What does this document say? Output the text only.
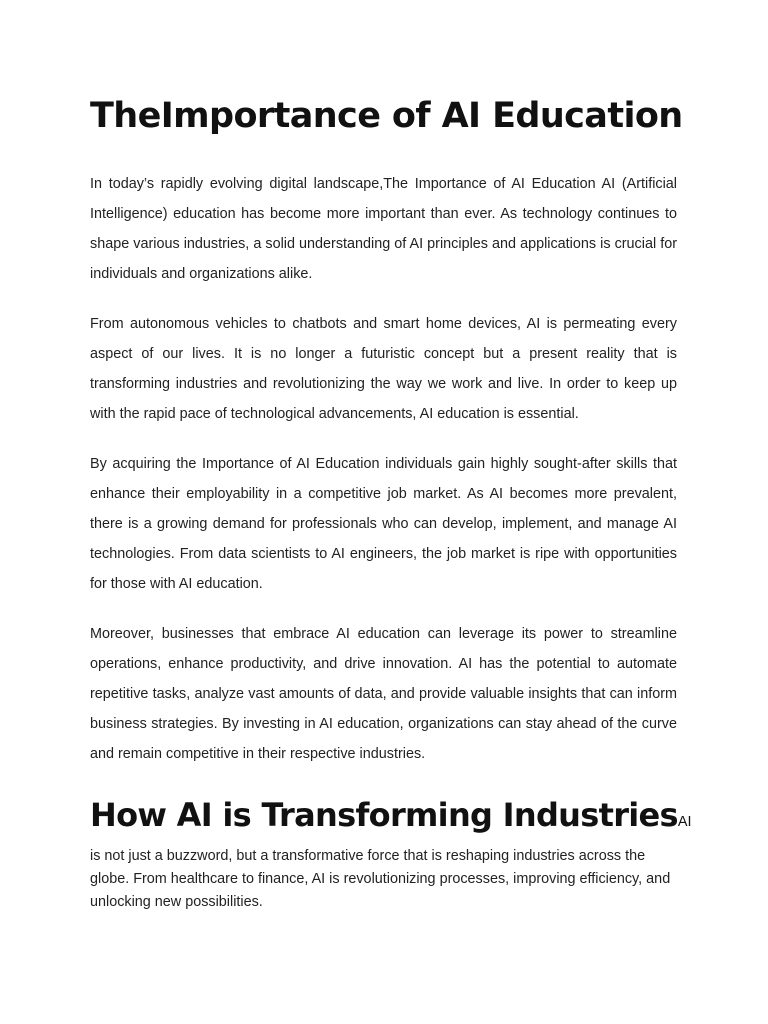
TheImportance of AI Education

In today’s rapidly evolving digital landscape,The Importance of AI Education AI (Artificial Intelligence) education has become more important than ever. As technology continues to shape various industries, a solid understanding of AI principles and applications is crucial for individuals and organizations alike.

From autonomous vehicles to chatbots and smart home devices, AI is permeating every aspect of our lives. It is no longer a futuristic concept but a present reality that is transforming industries and revolutionizing the way we work and live. In order to keep up with the rapid pace of technological advancements, AI education is essential.

By acquiring the Importance of AI Education individuals gain highly sought-after skills that enhance their employability in a competitive job market. As AI becomes more prevalent, there is a growing demand for professionals who can develop, implement, and manage AI technologies. From data scientists to AI engineers, the job market is ripe with opportunities for those with AI education.

Moreover, businesses that embrace AI education can leverage its power to streamline operations, enhance productivity, and drive innovation. AI has the potential to automate repetitive tasks, analyze vast amounts of data, and provide valuable insights that can inform business strategies. By investing in AI education, organizations can stay ahead of the curve and remain competitive in their respective industries.

How AI is Transforming IndustriesAI

is not just a buzzword, but a transformative force that is reshaping industries across the globe. From healthcare to finance, AI is revolutionizing processes, improving efficiency, and unlocking new possibilities.
